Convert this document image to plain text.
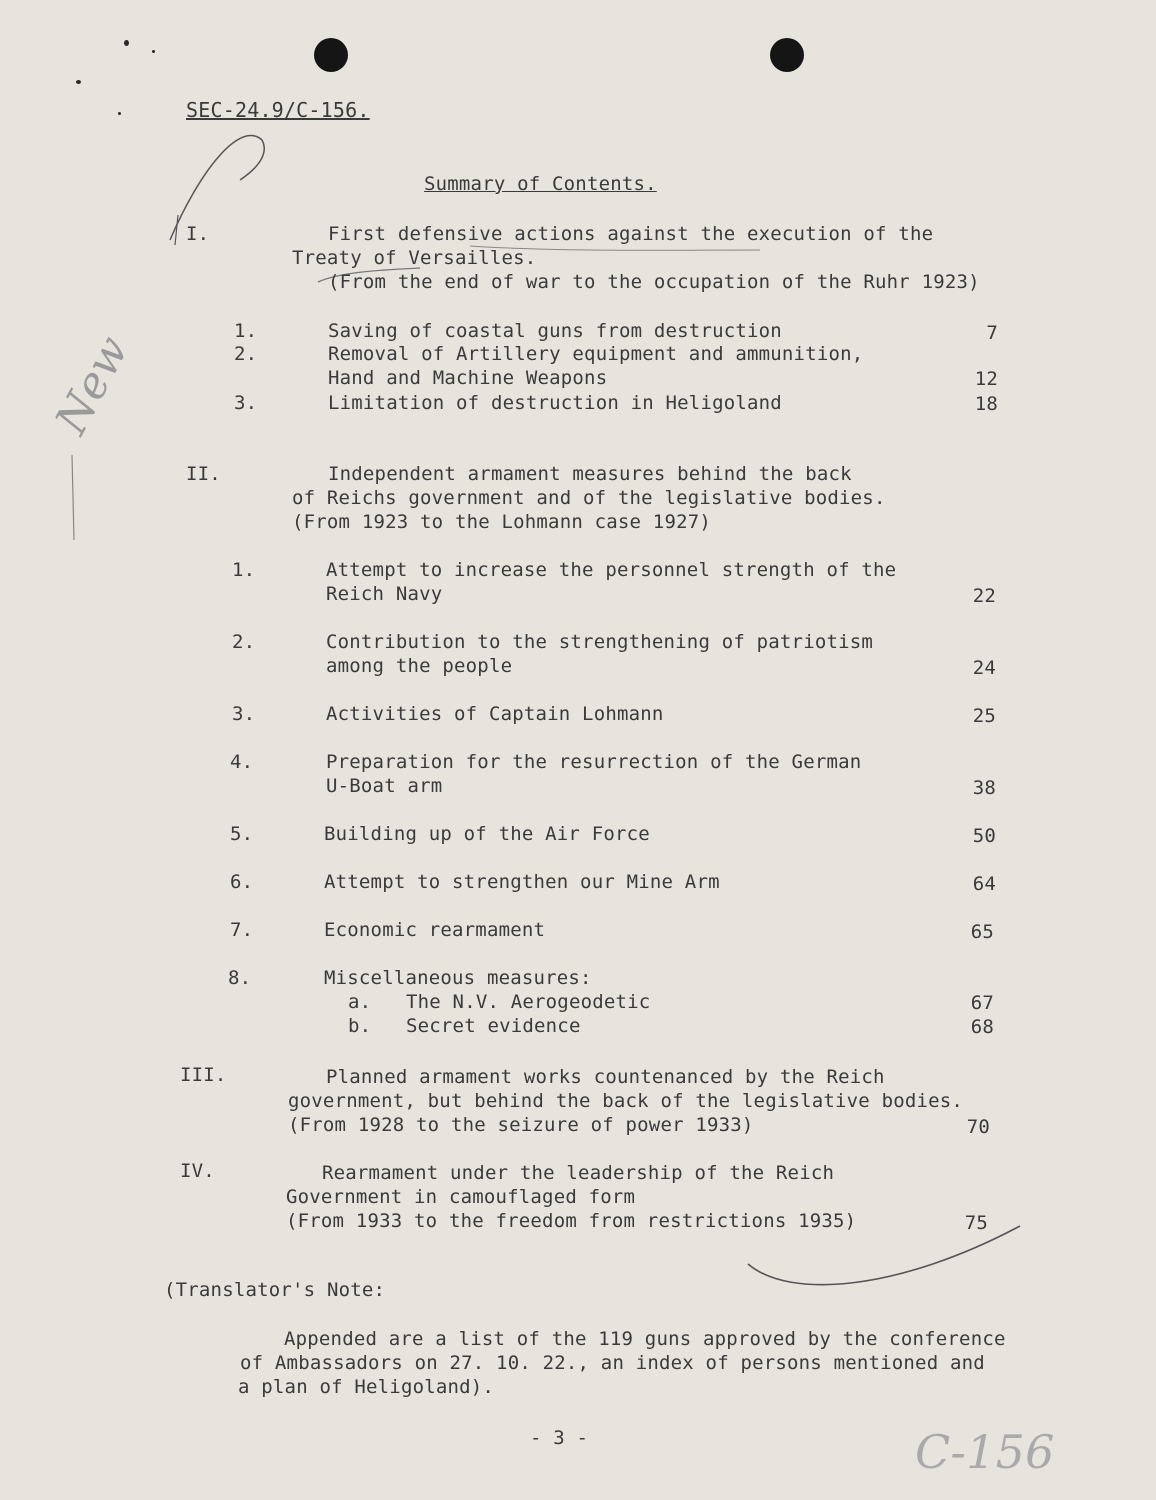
New
C-156
SEC-24.9/C-156.
Summary of Contents.
I.	First defensive actions against the execution of the
Treaty of Versailles.
(From the end of war to the occupation of the Ruhr 1923)
1.	Saving of coastal guns from destruction	7
2.	Removal of Artillery equipment and ammunition,
Hand and Machine Weapons	12
3.	Limitation of destruction in Heligoland	18
II.	Independent armament measures behind the back
of Reichs government and of the legislative bodies.
(From 1923 to the Lohmann case 1927)
1.	Attempt to increase the personnel strength of the
Reich Navy	22
2.	Contribution to the strengthening of patriotism
among the people	24
3.	Activities of Captain Lohmann	25
4.	Preparation for the resurrection of the German
U-Boat arm	38
5.	Building up of the Air Force	50
6.	Attempt to strengthen our Mine Arm	64
7.	Economic rearmament	65
8.	Miscellaneous measures:
a. The N.V. Aerogeodetic	67
b. Secret evidence	68
III.	Planned armament works countenanced by the Reich
government, but behind the back of the legislative bodies.
(From 1928 to the seizure of power 1933)	70
IV.	Rearmament under the leadership of the Reich
Government in camouflaged form
(From 1933 to the freedom from restrictions 1935)	75
(Translator's Note:
Appended are a list of the 119 guns approved by the conference
of Ambassadors on 27. 10. 22., an index of persons mentioned and
a plan of Heligoland).
- 3 -
